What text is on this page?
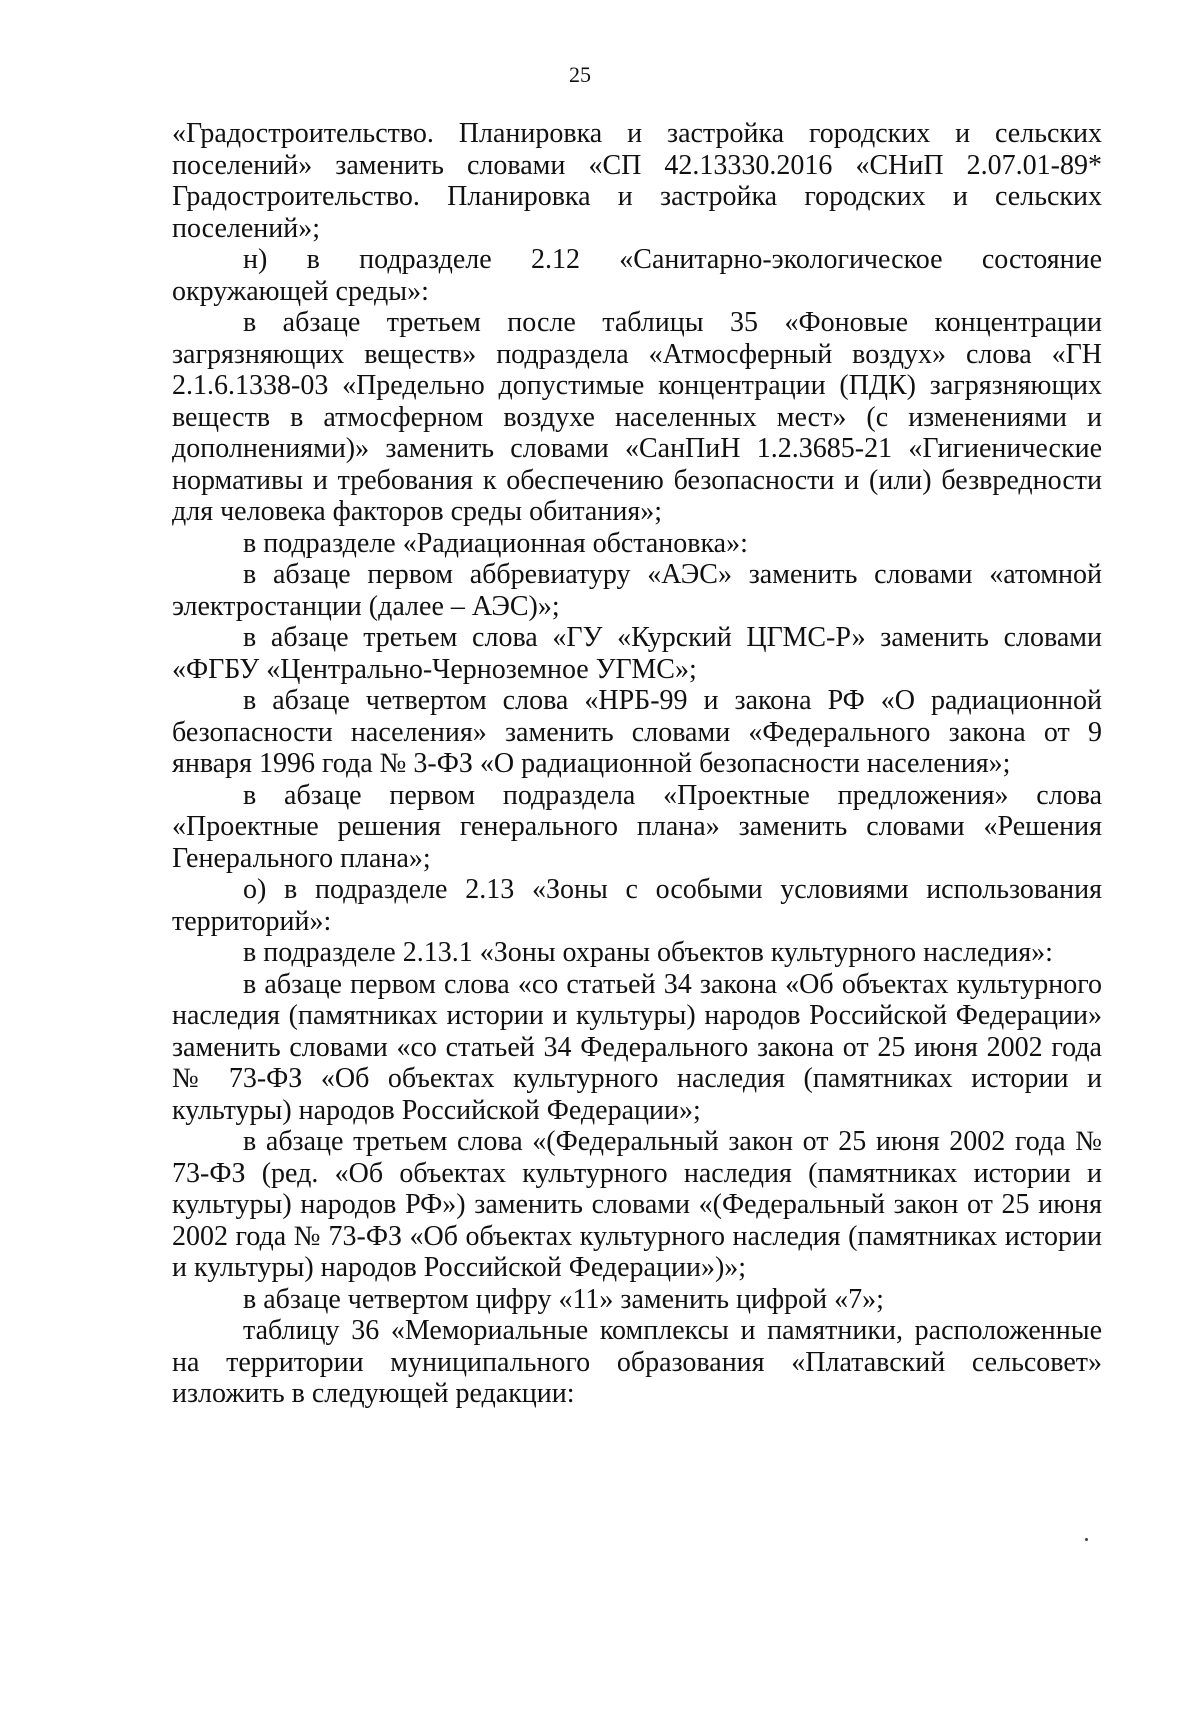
25

«Градостроительство. Планировка и застройка городских и сельских поселений» заменить словами «СП 42.13330.2016 «СНиП 2.07.01-89* Градостроительство. Планировка и застройка городских и сельских поселений»;

н) в подразделе 2.12 «Санитарно-экологическое состояние окружающей среды»:

в абзаце третьем после таблицы 35 «Фоновые концентрации загрязняющих веществ» подраздела «Атмосферный воздух» слова «ГН 2.1.6.1338-03 «Предельно допустимые концентрации (ПДК) загрязняющих веществ в атмосферном воздухе населенных мест» (с изменениями и дополнениями)» заменить словами «СанПиН 1.2.3685-21 «Гигиенические нормативы и требования к обеспечению безопасности и (или) безвредности для человека факторов среды обитания»;

в подразделе «Радиационная обстановка»:

в абзаце первом аббревиатуру «АЭС» заменить словами «атомной электростанции (далее – АЭС)»;

в абзаце третьем слова «ГУ «Курский ЦГМС-Р» заменить словами «ФГБУ «Центрально-Черноземное УГМС»;

в абзаце четвертом слова «НРБ-99 и закона РФ «О радиационной безопасности населения» заменить словами «Федерального закона от 9 января 1996 года № 3-ФЗ «О радиационной безопасности населения»;

в абзаце первом подраздела «Проектные предложения» слова «Проектные решения генерального плана» заменить словами «Решения Генерального плана»;

о) в подразделе 2.13 «Зоны с особыми условиями использования территорий»:

в подразделе 2.13.1 «Зоны охраны объектов культурного наследия»:

в абзаце первом слова «со статьей 34 закона «Об объектах культурного наследия (памятниках истории и культуры) народов Российской Федерации» заменить словами «со статьей 34 Федерального закона от 25 июня 2002 года № 73-ФЗ «Об объектах культурного наследия (памятниках истории и культуры) народов Российской Федерации»;

в абзаце третьем слова «(Федеральный закон от 25 июня 2002 года № 73-ФЗ (ред. «Об объектах культурного наследия (памятниках истории и культуры) народов РФ») заменить словами «(Федеральный закон от 25 июня 2002 года № 73-ФЗ «Об объектах культурного наследия (памятниках истории и культуры) народов Российской Федерации»)»;

в абзаце четвертом цифру «11» заменить цифрой «7»;

таблицу 36 «Мемориальные комплексы и памятники, расположенные на территории муниципального образования «Платавский сельсовет» изложить в следующей редакции:
